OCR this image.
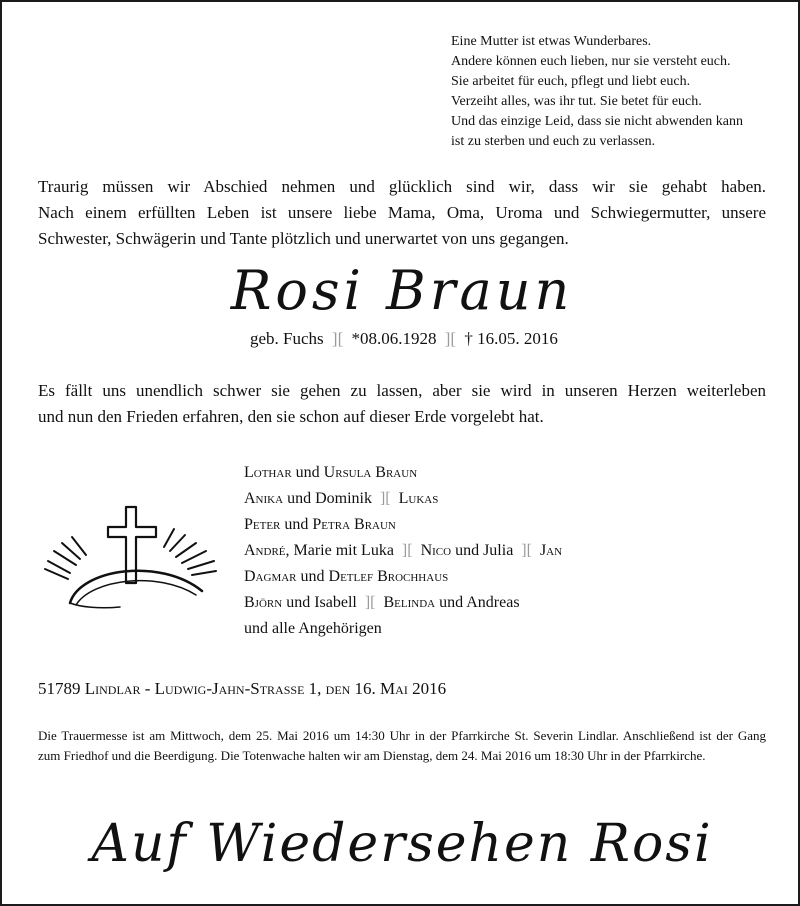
Eine Mutter ist etwas Wunderbares.
Andere können euch lieben, nur sie versteht euch.
Sie arbeitet für euch, pflegt und liebt euch.
Verzeiht alles, was ihr tut. Sie betet für euch.
Und das einzige Leid, dass sie nicht abwenden kann
ist zu sterben und euch zu verlassen.
Traurig müssen wir Abschied nehmen und glücklich sind wir, dass wir sie gehabt haben.
Nach einem erfüllten Leben ist unsere liebe Mama, Oma, Uroma und Schwiegermutter, unsere
Schwester, Schwägerin und Tante plötzlich und unerwartet von uns gegangen.
Rosi Braun
geb. Fuchs ][ *08.06.1928 ][ † 16.05. 2016
Es fällt uns unendlich schwer sie gehen zu lassen, aber sie wird in unseren Herzen weiterleben
und nun den Frieden erfahren, den sie schon auf dieser Erde vorgelebt hat.
Lothar und Ursula Braun
Anika und Dominik ][ Lukas
Peter und Petra Braun
André, Marie mit Luka ][ Nico und Julia ][ Jan
Dagmar und Detlef Brochhaus
Björn und Isabell ][ Belinda und Andreas
und alle Angehörigen
51789 Lindlar - Ludwig-Jahn-Strasse 1, den 16. Mai 2016
Die Trauermesse ist am Mittwoch, dem 25. Mai 2016 um 14:30 Uhr in der Pfarrkirche St. Severin Lindlar. Anschließend ist der Gang
zum Friedhof und die Beerdigung. Die Totenwache halten wir am Dienstag, dem 24. Mai 2016 um 18:30 Uhr in der Pfarrkirche.
Auf Wiedersehen Rosi
